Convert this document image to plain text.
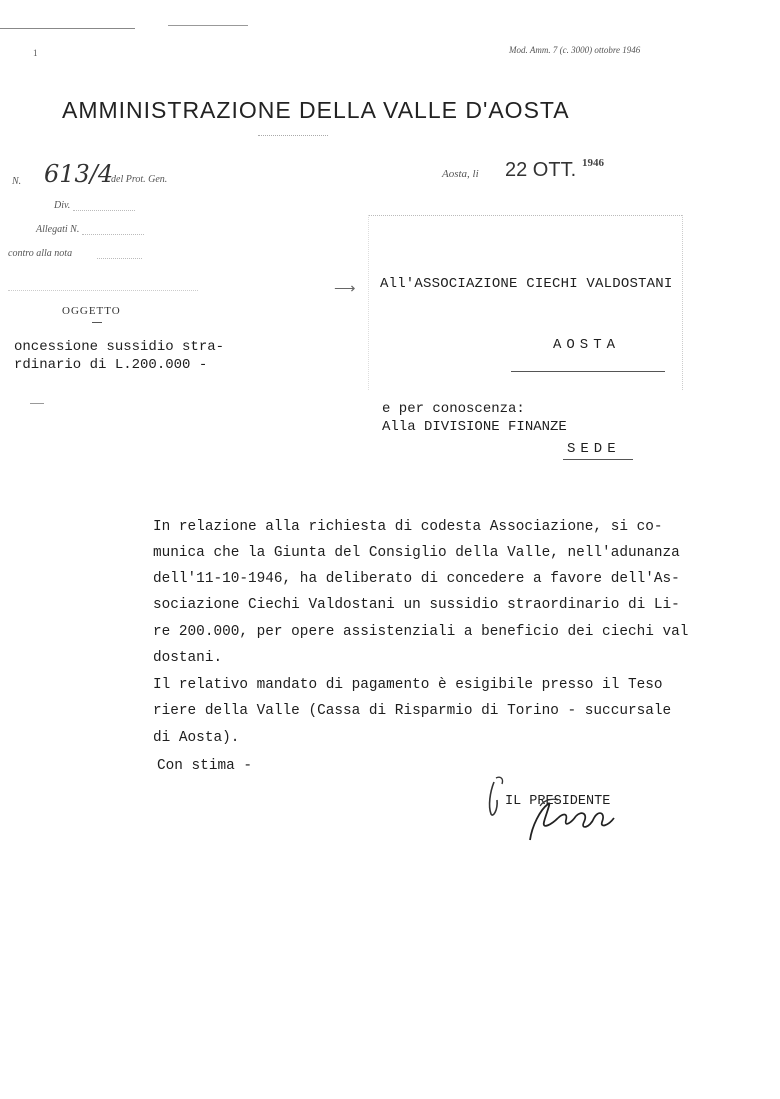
1	Mod. Amm. 7 (c. 3000) ottobre 1946
AMMINISTRAZIONE DELLA VALLE D'AOSTA
N. 613/4
del Prot. Gen.
Div.
Allegati N.
contro alla nota
OGGETTO
oncessione sussidio stra-
rdinario di L.200.000 -
Aosta, li 22 OTT. 1946
⟶ All'ASSOCIAZIONE CIECHI VALDOSTANI
AOSTA
e per conoscenza:
Alla DIVISIONE FINANZE
SEDE
In relazione alla richiesta di codesta Associazione, si co-
munica che la Giunta del Consiglio della Valle, nell'adunanza
dell'11-10-1946, ha deliberato di concedere a favore dell'As-
sociazione Ciechi Valdostani un sussidio straordinario di Li-
re 200.000, per opere assistenziali a beneficio dei ciechi val
dostani.
Il relativo mandato di pagamento è esigibile presso il Teso
riere della Valle (Cassa di Risparmio di Torino - succursale
di Aosta).
Con stima -
IL PRESIDENTE
